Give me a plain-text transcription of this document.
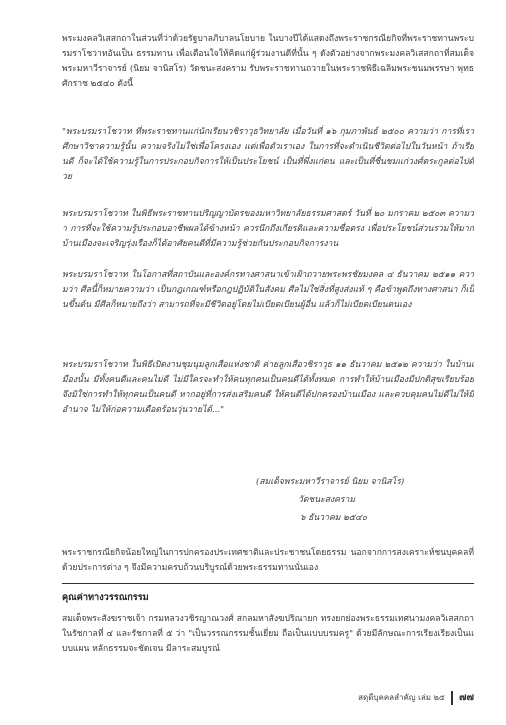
พระมงคลวิเสสกถาในส่วนที่ว่าด้วยรัฐบาลภิบาลนโยบาย ในบางปีได้แสดงถึงพระราชกรณียกิจที่พระราชทานพระบรมราโชวาทอันเป็น ธรรมทาน เพื่อเตือนใจให้คิดแก่ผู้ร่วมงานดีที่นั้น ๆ ดังตัวอย่างจากพระมงคลวิเสสกถาที่สมเด็จพระมหาวีราจารย์ (นิยม จานิสโร) วัดชนะสงคราม รับพระราชทานถวายในพระราชพิธีเฉลิมพระชนมพรรษา พุทธศักราช ๒๕๔๐ ดังนี้
"พระบรมราโชวาท ที่พระราชทานแก่นักเรียนวชิราวุธวิทยาลัย เมื่อวันที่ ๑๖ กุมภาพันธ์ ๒๕๐๐ ความว่า การที่เราศึกษาวิชาความรู้นั้น ความจริงไม่ใช่เพื่อโครงเอง แต่เพื่อตัวเราเอง ในการที่จะดำเนินชีวิตต่อไปในวันหน้า ถ้าเรียนดี ก็จะได้ใช้ความรู้ในการประกอบกิจการให้เป็นประโยชน์ เป็นที่พึ่งแก่ตน และเป็นที่ชื่นชมแก่วงศ์ตระกูลต่อไปด้วย
พระบรมราโชวาท ในพิธีพระราชทานปริญญาบัตรของมหาวิทยาลัยธรรมศาสตร์ วันที่ ๒๐ มกราคม ๒๕๐๓ ความว่า การที่จะใช้ความรู้ประกอบอาชีพผลได้ข้างหน้า ควรนึกถึงเกียรติและความซื่อตรง เพื่อประโยชน์ส่วนรวมให้มาก บ้านเมืองจะเจริญรุ่งเรืองก็ได้อาศัยคนดีที่มีความรู้ช่วยกันประกอบกิจการงาน
พระบรมราโชวาท ในโอกาสที่สถาบันและองค์กรทางศาสนาเข้าเฝ้าถวายพระพรชัยมงคล ๔ ธันวาคม ๒๕๑๑ ความว่า ศีลนี้ก็หมายความว่า เป็นกฎเกณฑ์หรือกฎปฏิบัติในสังคม ศีลไม่ใช่สิ่งที่สูงส่งแท้ ๆ คือข้าพูดถึงทางศาสนา ก็เป็นขึ้นต้น มีศีลก็หมายถึงว่า สามารถที่จะมีชีวิตอยู่โดยไม่เบียดเบียนผู้อื่น แล้วก็ไม่เบียดเบียนตนเอง
พระบรมราโชวาท ในพิธีเปิดงานชุมนุมลูกเสือแห่งชาติ ค่ายลูกเสือวชิราวุธ ๑๑ ธันวาคม ๒๕๑๒ ความว่า ในบ้านเมืองนั้น มีทั้งคนดีและคนไม่ดี ไม่มีใครจะทำให้คนทุกคนเป็นคนดีได้ทั้งหมด การทำให้บ้านเมืองมีปกติสุขเรียบร้อย จึงมิใช่การทำให้ทุกคนเป็นคนดี หากอยู่ที่การส่งเสริมคนดี ให้คนดีได้ปกครองบ้านเมือง และควบคุมคนไม่ดีไม่ให้มีอำนาจ ไม่ให้ก่อความเดือดร้อนวุ่นวายได้..."
(สมเด็จพระมหาวีราจารย์ นิยม จานิสโร)
วัดชนะสงคราม
๖ ธันวาคม ๒๕๔๐
พระราชกรณียกิจน้อยใหญ่ในการปกครองประเทศชาติและประชาชนโดยธรรม นอกจากการสงเคราะห์ชนบุคคลที่ด้วยประการต่าง ๆ จึงมีความครบถ้วนบริบูรณ์ด้วยพระธรรมทานนั่นเอง
คุณค่าทางวรรณกรรม
สมเด็จพระสังฆราชเจ้า กรมหลวงวชิรญาณวงศ์ สกลมหาสังฆปริณายก ทรงยกย่องพระธรรมเทศนามงคลวิเสสกถา ในรัชกาลที่ ๔ และรัชกาลที่ ๕ ว่า "เป็นวรรณกรรมชั้นเยี่ยม ถือเป็นแบบบรมครู" ด้วยมีลักษณะการเรียงเรียงเป็นแบบแผน หลักธรรมจะชัดเจน มีลาระสมบูรณ์
สดุดีบุคคลสำคัญ เล่ม ๒๕ ๗๗
